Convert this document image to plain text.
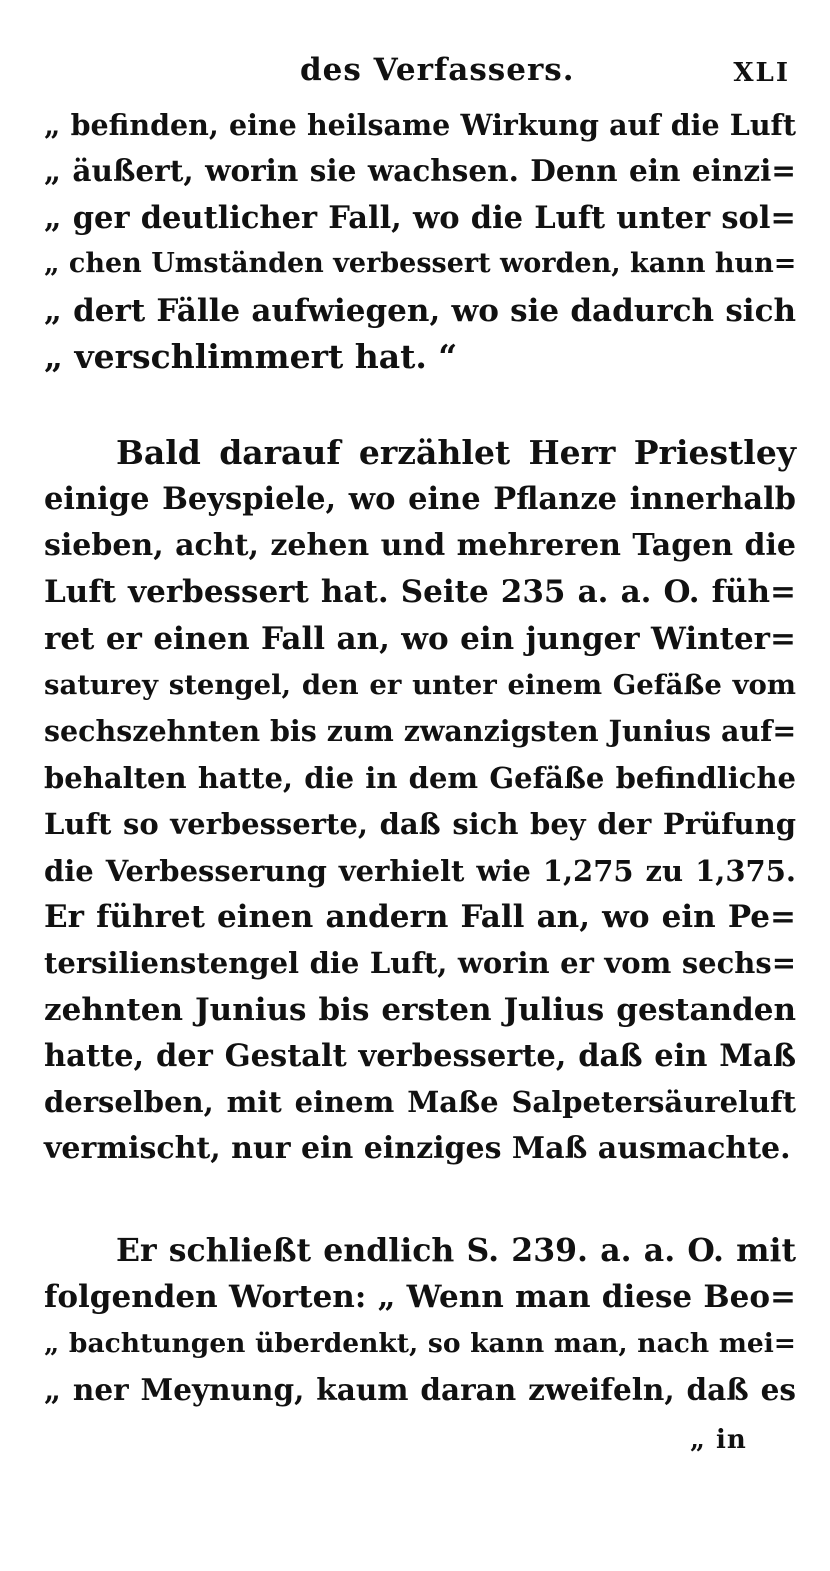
des Verfassers.	XLI
„ befinden, eine heilsame Wirkung auf die Luft
„ äußert, worin sie wachsen. Denn ein einzi=
„ ger deutlicher Fall, wo die Luft unter sol=
„ chen Umständen verbessert worden, kann hun=
„ dert Fälle aufwiegen, wo sie dadurch sich
„ verschlimmert hat. “
Bald darauf erzählet Herr Priestley
einige Beyspiele, wo eine Pflanze innerhalb
sieben, acht, zehen und mehreren Tagen die
Luft verbessert hat. Seite 235 a. a. O. füh=
ret er einen Fall an, wo ein junger Winter=
saturey stengel, den er unter einem Gefäße vom
sechszehnten bis zum zwanzigsten Junius auf=
behalten hatte, die in dem Gefäße befindliche
Luft so verbesserte, daß sich bey der Prüfung
die Verbesserung verhielt wie 1,275 zu 1,375.
Er führet einen andern Fall an, wo ein Pe=
tersilienstengel die Luft, worin er vom sechs=
zehnten Junius bis ersten Julius gestanden
hatte, der Gestalt verbesserte, daß ein Maß
derselben, mit einem Maße Salpetersäureluft
vermischt, nur ein einziges Maß ausmachte.
Er schließt endlich S. 239. a. a. O. mit
folgenden Worten: „ Wenn man diese Beo=
„ bachtungen überdenkt, so kann man, nach mei=
„ ner Meynung, kaum daran zweifeln, daß es
„ in
